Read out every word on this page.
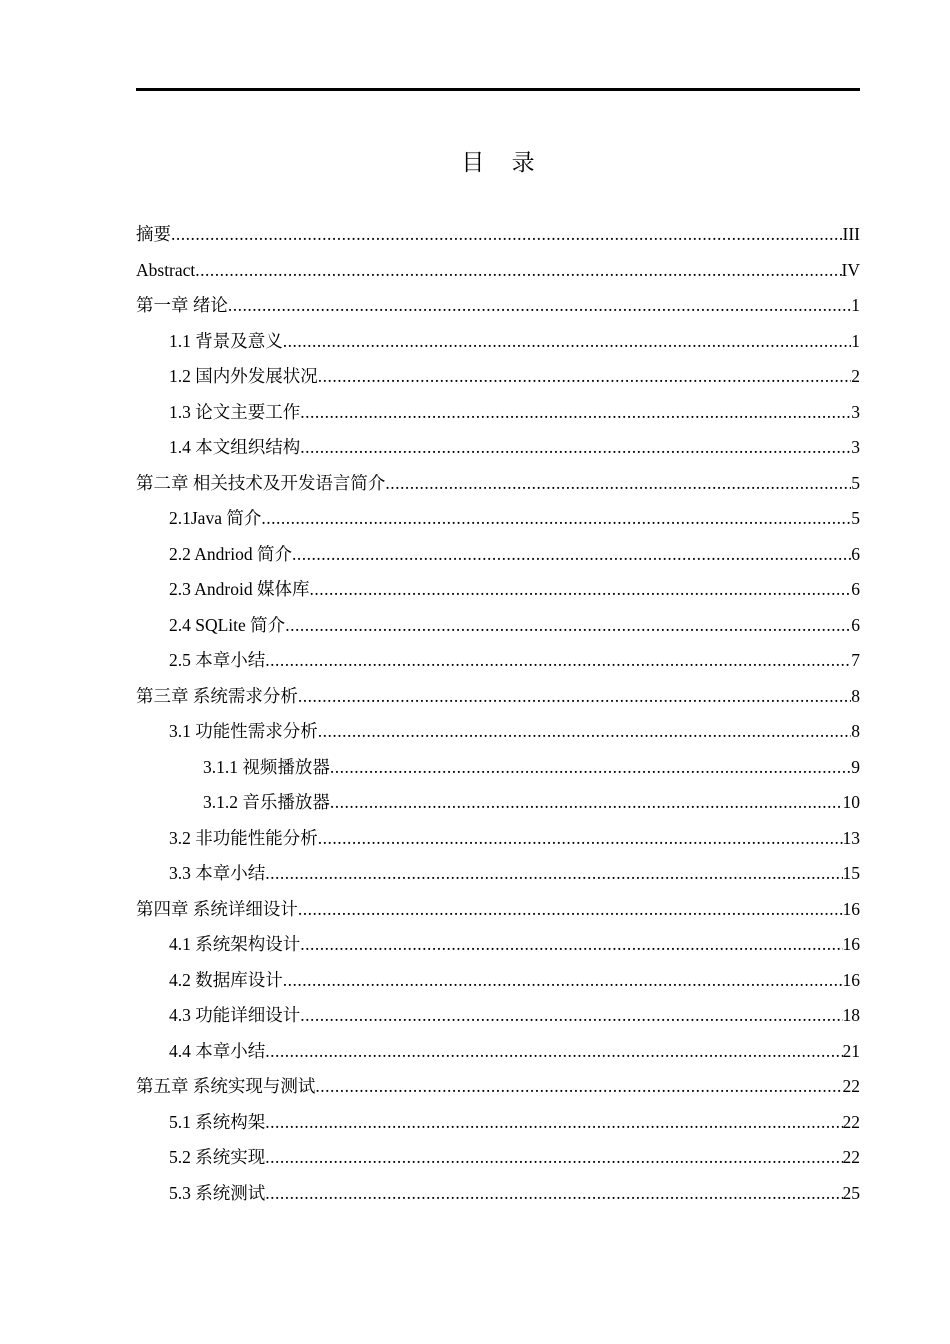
目 录
摘要 .....	III
Abstract .....	IV
第一章 绪论 .....	1
1.1 背景及意义 .....	1
1.2 国内外发展状况 .....	2
1.3 论文主要工作 .....	3
1.4 本文组织结构 .....	3
第二章 相关技术及开发语言简介 .....	5
2.1Java 简介 .....	5
2.2 Andriod 简介 .....	6
2.3 Android 媒体库 .....	6
2.4 SQLite 简介 .....	6
2.5 本章小结 .....	7
第三章 系统需求分析 .....	8
3.1 功能性需求分析 .....	8
3.1.1 视频播放器 .....	9
3.1.2 音乐播放器 .....	10
3.2 非功能性能分析 .....	13
3.3 本章小结 .....	15
第四章 系统详细设计 .....	16
4.1 系统架构设计 .....	16
4.2 数据库设计 .....	16
4.3 功能详细设计 .....	18
4.4 本章小结 .....	21
第五章 系统实现与测试 .....	22
5.1 系统构架 .....	22
5.2 系统实现 .....	22
5.3 系统测试 .....	25
